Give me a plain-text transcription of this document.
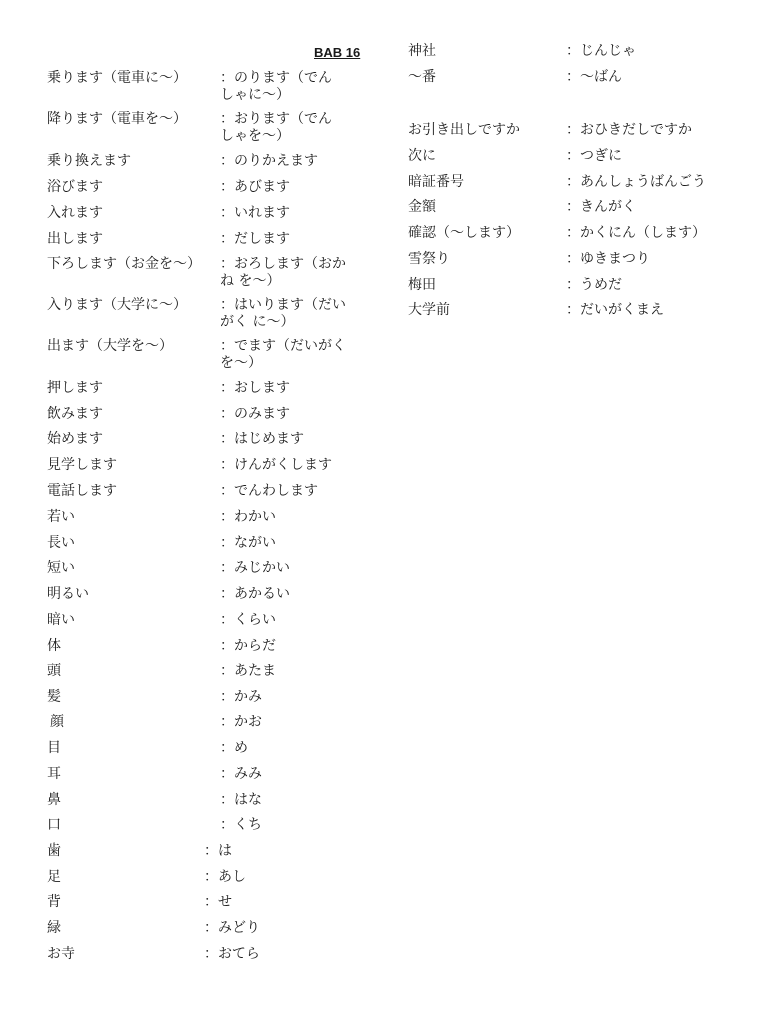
BAB 16
乗ります（電車に～） ：のります（でん
しゃに～）
降ります（電車を～） ：おります（でん
しゃを～）
乗り換えます	：のりかえます
浴びます	：あびます
入れます	：いれます
出します	：だします
下ろします（お金を～） ：おろします（おか
ね を～）
入ります（大学に～） ：はいります（だい
がく に～）
出ます（大学を～）	：でます（だいがく
を～）
押します	：おします
飲みます	：のみます
始めます	：はじめます
見学します	：けんがくします
電話します	：でんわします
若い	：わかい
長い	：ながい
短い	：みじかい
明るい	：あかるい
暗い	：くらい
体	：からだ
頭	：あたま
髪	：かみ
顔	：かお
目	：め
耳	：みみ
鼻	：はな
口	：くち
歯	：は
足	：あし
背	：せ
緑	：みどり
お寺	：おてら
神社	：じんじゃ
～番	：～ばん
お引き出しですか	：おひきだしですか
次に	：つぎに
暗証番号	：あんしょうばんごう
金額	：きんがく
確認（～します）	：かくにん（します）
雪祭り	：ゆきまつり
梅田	：うめだ
大学前	：だいがくまえ
